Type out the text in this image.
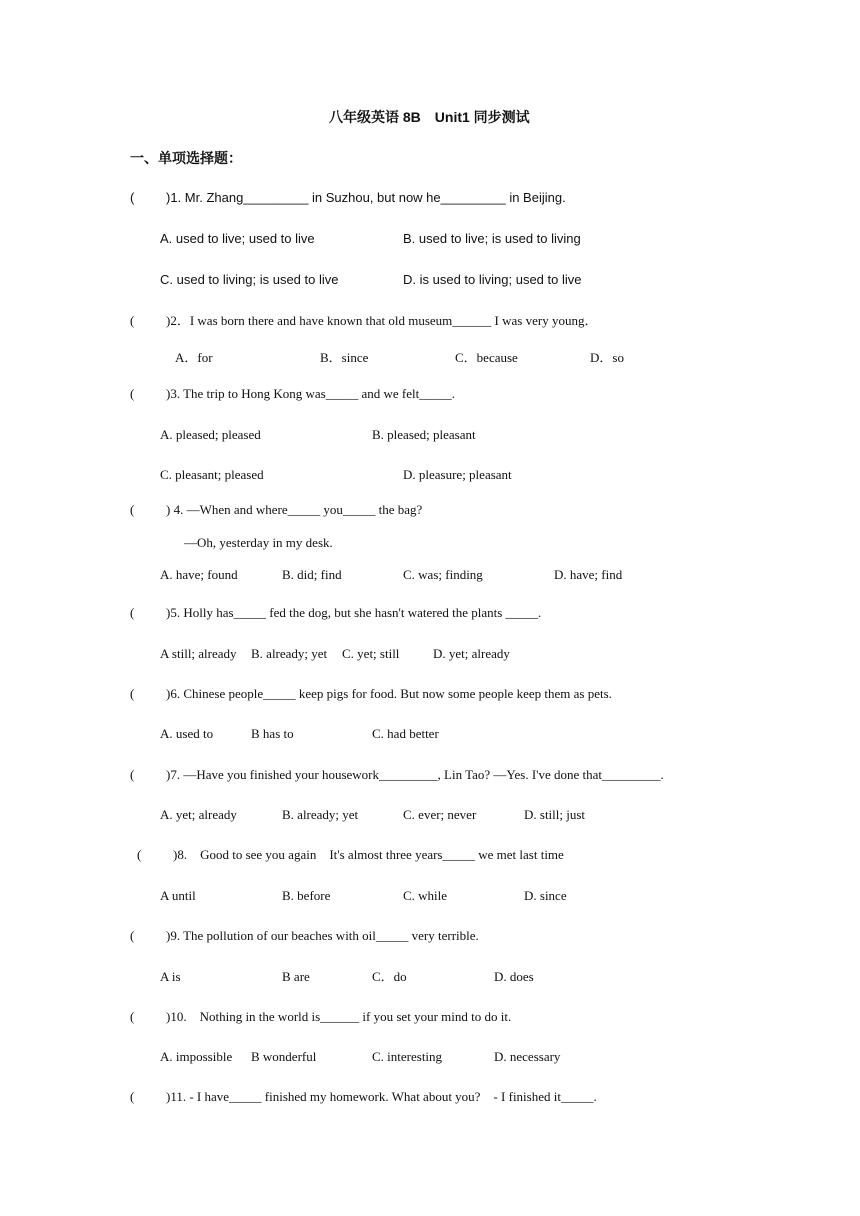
八年级英语 8B　Unit1 同步测试
一、单项选择题：
( )1. Mr. Zhang_________ in Suzhou, but now he_________ in Beijing.
A. used to live; used to live	B. used to live; is used to living
C. used to living; is used to live	D. is used to living; used to live
( )2．I was born there and have known that old museum______ I was very young．
A．for	B．since	C．because	D．so
( )3. The trip to Hong Kong was_____ and we felt_____.
A. pleased; pleased	B. pleased; pleasant
C. pleasant; pleased	D. pleasure; pleasant
( ) 4. —When and where_____ you_____ the bag?
—Oh, yesterday in my desk.
A. have; found	B. did; find	C. was; finding	D. have; find
( )5. Holly has_____ fed the dog, but she hasn't watered the plants _____.
A still; already B. already; yet C. yet; still	D. yet; already
( )6. Chinese people_____ keep pigs for food. But now some people keep them as pets.
A. used to	B has to	C. had better
( )7. —Have you finished your housework_________, Lin Tao? —Yes. I've done that_________.
A. yet; already	B. already; yet	C. ever; never	D. still; just
( )8.　Good to see you again　It's almost three years_____ we met last time
A until	B. before	C. while	D. since
( )9. The pollution of our beaches with oil_____ very terrible.
A is	B are	C．do	D. does
( )10.　Nothing in the world is______ if you set your mind to do it.
A. impossible B wonderful	C. interesting	D. necessary
( )11. - I have_____ finished my homework. What about you?　- I finished it_____.
